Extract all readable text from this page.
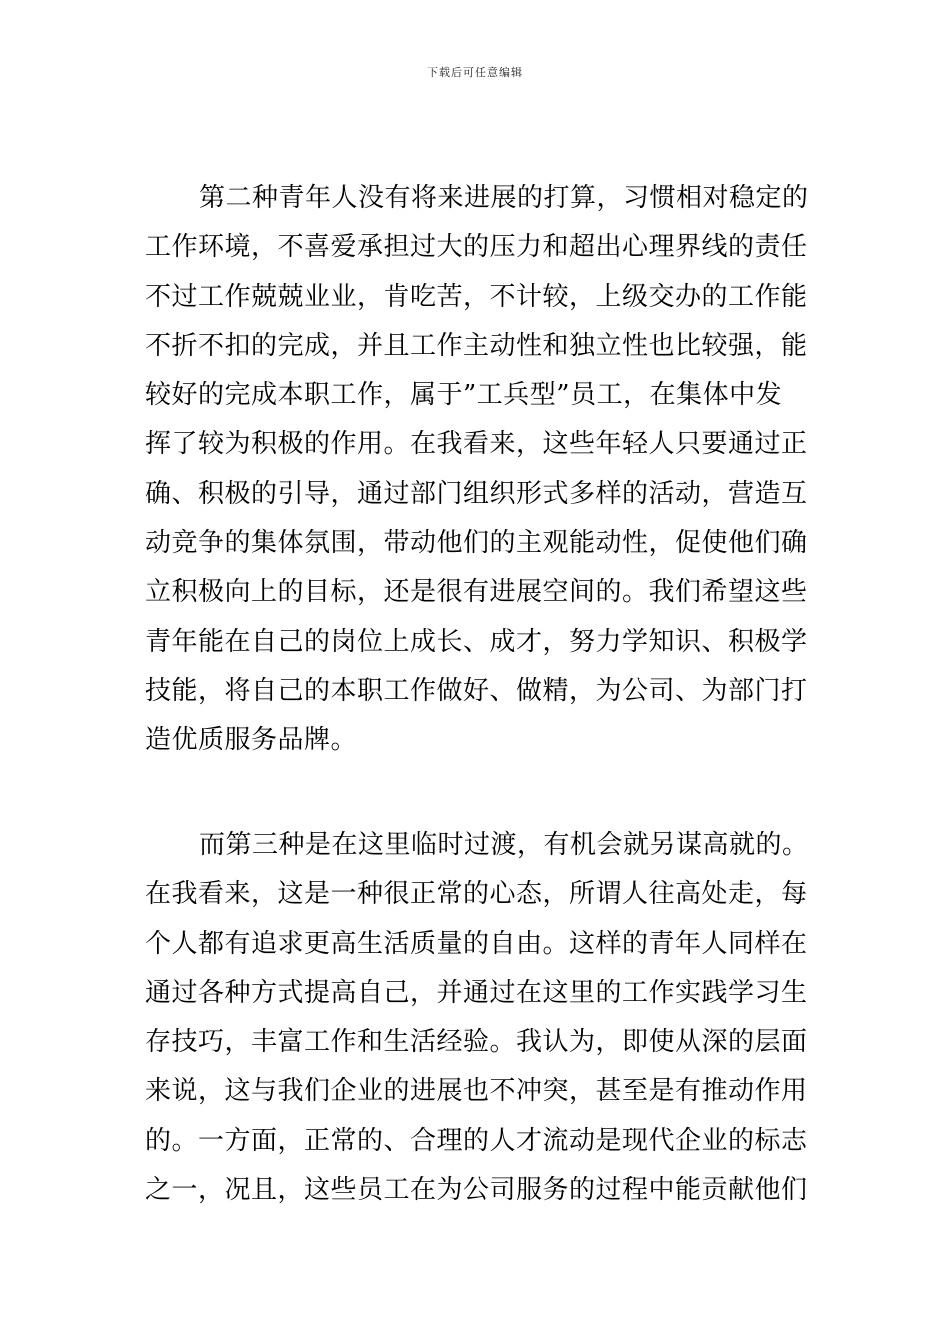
下载后可任意编辑
第二种青年人没有将来进展的打算，习惯相对稳定的
工作环境，不喜爱承担过大的压力和超出心理界线的责任
不过工作兢兢业业，肯吃苦，不计较，上级交办的工作能
不折不扣的完成，并且工作主动性和独立性也比较强，能
较好的完成本职工作，属于”工兵型”员工，在集体中发
挥了较为积极的作用。在我看来，这些年轻人只要通过正
确、积极的引导，通过部门组织形式多样的活动，营造互
动竞争的集体氛围，带动他们的主观能动性，促使他们确
立积极向上的目标，还是很有进展空间的。我们希望这些
青年能在自己的岗位上成长、成才，努力学知识、积极学
技能，将自己的本职工作做好、做精，为公司、为部门打
造优质服务品牌。
而第三种是在这里临时过渡，有机会就另谋高就的。
在我看来，这是一种很正常的心态，所谓人往高处走，每
个人都有追求更高生活质量的自由。这样的青年人同样在
通过各种方式提高自己，并通过在这里的工作实践学习生
存技巧，丰富工作和生活经验。我认为，即使从深的层面
来说，这与我们企业的进展也不冲突，甚至是有推动作用
的。一方面，正常的、合理的人才流动是现代企业的标志
之一，况且，这些员工在为公司服务的过程中能贡献他们
